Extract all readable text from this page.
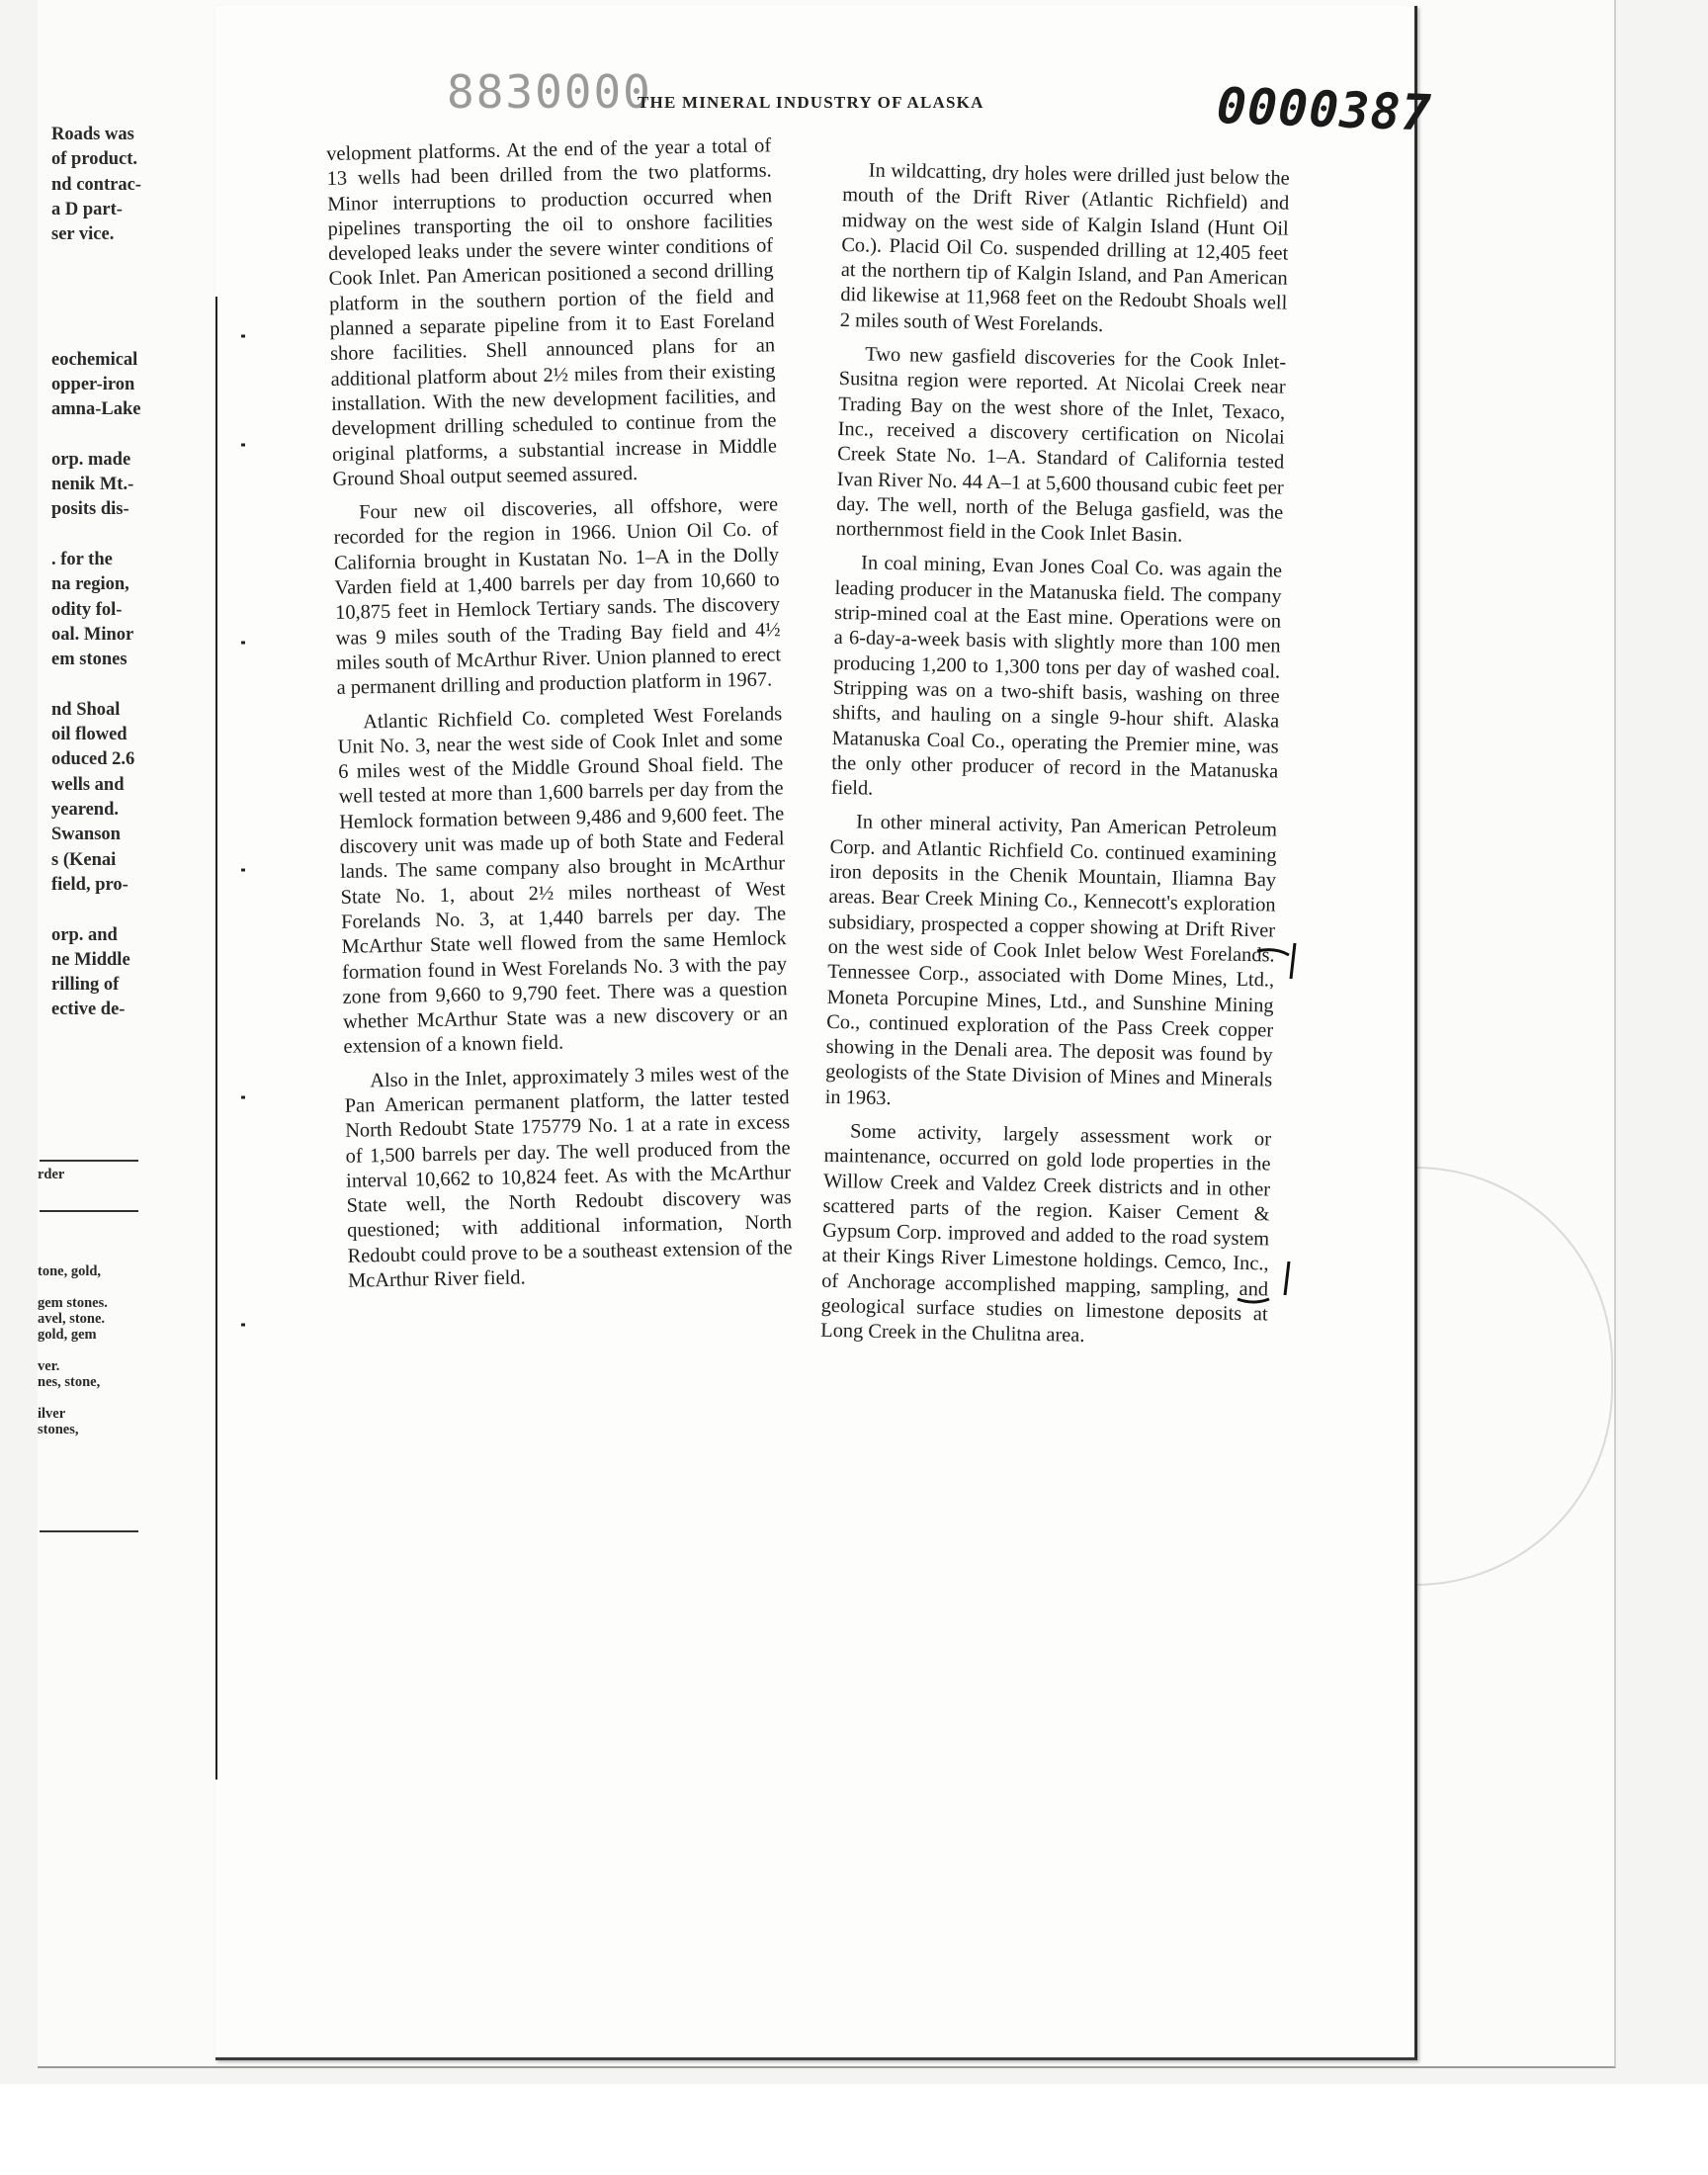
Roads was
of product.
nd contrac-
a D part-
ser vice.

eochemical
opper-iron
amna-Lake

orp. made
nenik Mt.-
posits dis-

. for the
na region,
odity fol-
oal. Minor
em stones

nd Shoal
oil flowed
oduced 2.6
wells and
yearend.
Swanson
s (Kenai
field, pro-

orp. and
ne Middle
rilling of
ective de-
rder
tone, gold,

gem stones.
avel, stone.
gold, gem

ver.
nes, stone,

ilver
stones,
8830000
THE MINERAL INDUSTRY OF ALASKA	0000387

velopment platforms. At the end of the year a total of 13 wells had been drilled from the two platforms. Minor interruptions to production occurred when pipelines transporting the oil to onshore facilities developed leaks under the severe winter conditions of Cook Inlet. Pan American positioned a second drilling platform in the southern portion of the field and planned a separate pipeline from it to East Foreland shore facilities. Shell announced plans for an additional platform about 2½ miles from their existing installation. With the new development facilities, and development drilling scheduled to continue from the original platforms, a substantial increase in Middle Ground Shoal output seemed assured.

Four new oil discoveries, all offshore, were recorded for the region in 1966. Union Oil Co. of California brought in Kustatan No. 1–A in the Dolly Varden field at 1,400 barrels per day from 10,660 to 10,875 feet in Hemlock Tertiary sands. The discovery was 9 miles south of the Trading Bay field and 4½ miles south of McArthur River. Union planned to erect a permanent drilling and production platform in 1967.

Atlantic Richfield Co. completed West Forelands Unit No. 3, near the west side of Cook Inlet and some 6 miles west of the Middle Ground Shoal field. The well tested at more than 1,600 barrels per day from the Hemlock formation between 9,486 and 9,600 feet. The discovery unit was made up of both State and Federal lands. The same company also brought in McArthur State No. 1, about 2½ miles northeast of West Forelands No. 3, at 1,440 barrels per day. The McArthur State well flowed from the same Hemlock formation found in West Forelands No. 3 with the pay zone from 9,660 to 9,790 feet. There was a question whether McArthur State was a new discovery or an extension of a known field.

Also in the Inlet, approximately 3 miles west of the Pan American permanent platform, the latter tested North Redoubt State 175779 No. 1 at a rate in excess of 1,500 barrels per day. The well produced from the interval 10,662 to 10,824 feet. As with the McArthur State well, the North Redoubt discovery was questioned; with additional information, North Redoubt could prove to be a southeast extension of the McArthur River field.

In wildcatting, dry holes were drilled just below the mouth of the Drift River (Atlantic Richfield) and midway on the west side of Kalgin Island (Hunt Oil Co.). Placid Oil Co. suspended drilling at 12,405 feet at the northern tip of Kalgin Island, and Pan American did likewise at 11,968 feet on the Redoubt Shoals well 2 miles south of West Forelands.

Two new gasfield discoveries for the Cook Inlet-Susitna region were reported. At Nicolai Creek near Trading Bay on the west shore of the Inlet, Texaco, Inc., received a discovery certification on Nicolai Creek State No. 1–A. Standard of California tested Ivan River No. 44 A–1 at 5,600 thousand cubic feet per day. The well, north of the Beluga gasfield, was the northernmost field in the Cook Inlet Basin.

In coal mining, Evan Jones Coal Co. was again the leading producer in the Matanuska field. The company strip-mined coal at the East mine. Operations were on a 6-day-a-week basis with slightly more than 100 men producing 1,200 to 1,300 tons per day of washed coal. Stripping was on a two-shift basis, washing on three shifts, and hauling on a single 9-hour shift. Alaska Matanuska Coal Co., operating the Premier mine, was the only other producer of record in the Matanuska field.

In other mineral activity, Pan American Petroleum Corp. and Atlantic Richfield Co. continued examining iron deposits in the Chenik Mountain, Iliamna Bay areas. Bear Creek Mining Co., Kennecott's exploration subsidiary, prospected a copper showing at Drift River on the west side of Cook Inlet below West Forelands. Tennessee Corp., associated with Dome Mines, Ltd., Moneta Porcupine Mines, Ltd., and Sunshine Mining Co., continued exploration of the Pass Creek copper showing in the Denali area. The deposit was found by geologists of the State Division of Mines and Minerals in 1963.

Some activity, largely assessment work or maintenance, occurred on gold lode properties in the Willow Creek and Valdez Creek districts and in other scattered parts of the region. Kaiser Cement & Gypsum Corp. improved and added to the road system at their Kings River Limestone holdings. Cemco, Inc., of Anchorage accomplished mapping, sampling, and geological surface studies on limestone deposits at Long Creek in the Chulitna area.
